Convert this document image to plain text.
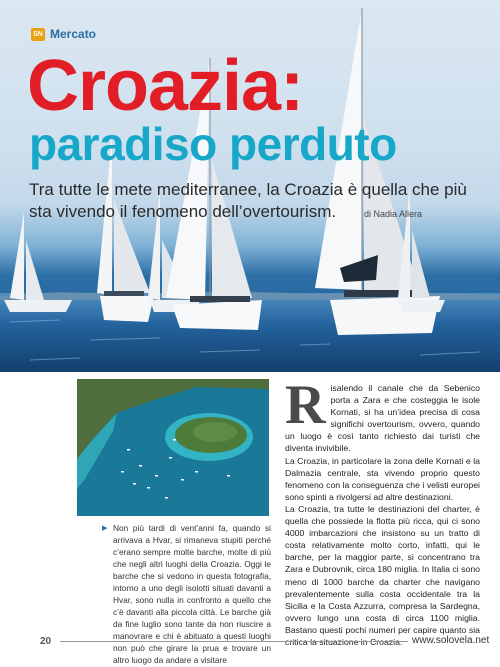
SN Mercato
Croazia:
paradiso perduto

Tra tutte le mete mediterranee, la Croazia è quella che più sta vivendo il fenomeno dell’overtourism.	di Nadia Allera
▶ Non più tardi di vent’anni fa, quando si arrivava a Hvar, si rimaneva stupiti perché c’erano sempre molte barche, molte di più che negli altri luoghi della Croazia. Oggi le barche che si vedono in questa fotografia, intorno a uno degli isolotti situati davanti a Hvar, sono nulla in confronto a quello che c’è davanti alla piccola città. Le barche già da fine luglio sono tante da non riuscire a manovrare e chi è abituato a questi luoghi non può che girare la prua e trovare un altro luogo da andare a visitare

Risalendo il canale che da Sebenico porta a Zara e che costeggia le isole Kornati, si ha un’idea precisa di cosa significhi overtourism, ovvero, quando un luogo è così tanto richiesto dai turisti che diventa invivibile.

La Croazia, in particolare la zona delle Kornati e la Dalmazia centrale, sta vivendo proprio questo fenomeno con la conseguenza che i velisti europei sono spinti a rivolgersi ad altre destinazioni.

La Croazia, tra tutte le destinazioni del charter, è quella che possiede la flotta più ricca, qui ci sono 4000 imbarcazioni che insistono su un tratto di costa relativamente molto corto, infatti, qui le barche, per la maggior parte, si concentrano tra Zara e Dubrovnik, circa 180 miglia. In Italia ci sono meno di 1000 barche da charter che navigano prevalentemente sulla costa occidentale tra la Sicilia e la Costa Azzurra, compresa la Sardegna, ovvero lungo una costa di circa 1100 miglia. Bastano questi pochi numeri per capire quanto sia

20	www.solovela.net
